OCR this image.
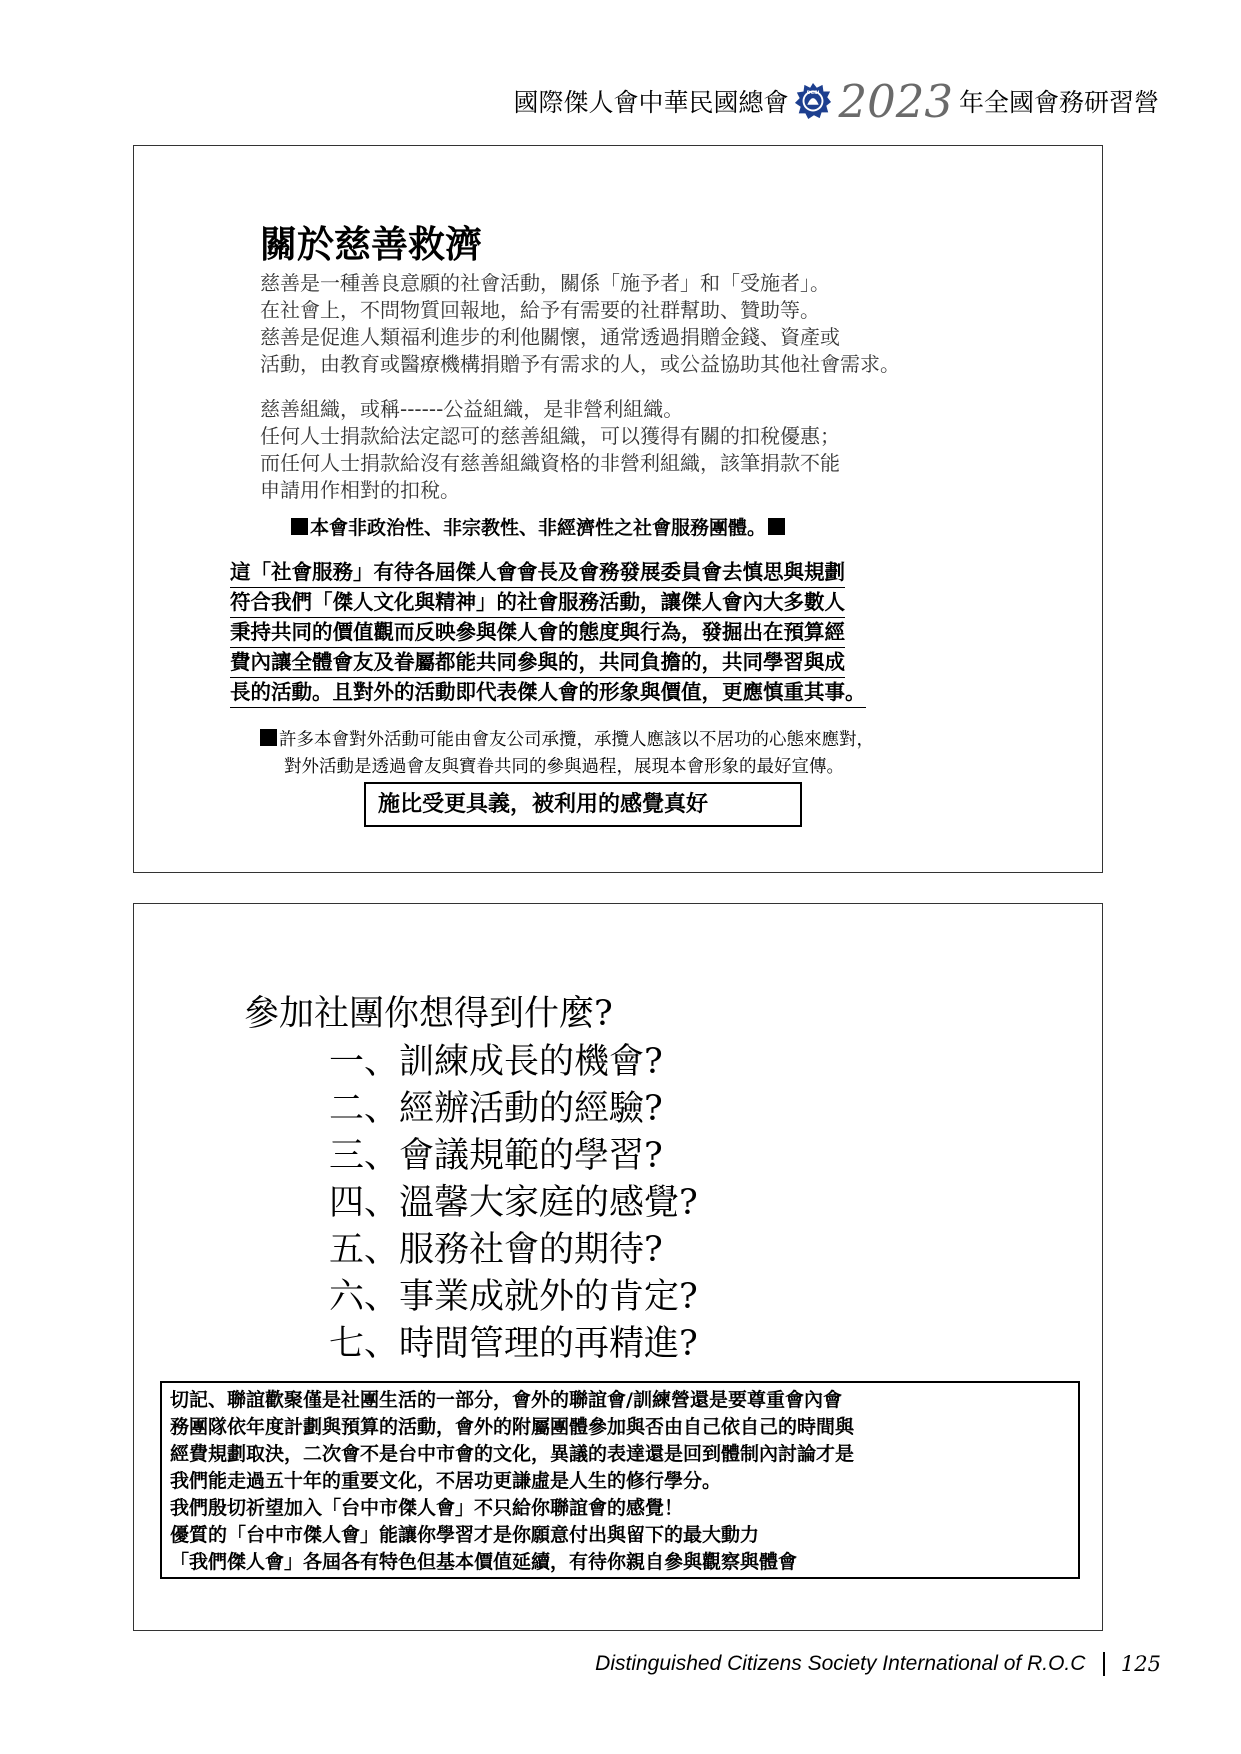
國際傑人會中華民國總會	DCSI 2023 年全國會務研習營
關於慈善救濟
慈善是一種善良意願的社會活動，關係「施予者」和「受施者」。
在社會上，不問物質回報地，給予有需要的社群幫助、贊助等。
慈善是促進人類福利進步的利他關懷，通常透過捐贈金錢、資產或
活動，由教育或醫療機構捐贈予有需求的人，或公益協助其他社會需求。
慈善組織，或稱------公益組織，是非營利組織。
任何人士捐款給法定認可的慈善組織，可以獲得有關的扣稅優惠；
而任何人士捐款給沒有慈善組織資格的非營利組織，該筆捐款不能
申請用作相對的扣稅。
本會非政治性、非宗教性、非經濟性之社會服務團體。
這「社會服務」有待各屆傑人會會長及會務發展委員會去慎思與規劃
符合我們「傑人文化與精神」的社會服務活動，讓傑人會內大多數人
秉持共同的價值觀而反映參與傑人會的態度與行為，發掘出在預算經
費內讓全體會友及眷屬都能共同參與的，共同負擔的，共同學習與成
長的活動。且對外的活動即代表傑人會的形象與價值，更應慎重其事。
許多本會對外活動可能由會友公司承攬，承攬人應該以不居功的心態來應對，
對外活動是透過會友與寶眷共同的參與過程，展現本會形象的最好宣傳。
施比受更具義，被利用的感覺真好
參加社團你想得到什麼?
一、訓練成長的機會?
二、經辦活動的經驗?
三、會議規範的學習?
四、溫馨大家庭的感覺?
五、服務社會的期待?
六、事業成就外的肯定?
七、時間管理的再精進?
切記、聯誼歡聚僅是社團生活的一部分，會外的聯誼會/訓練營還是要尊重會內會
務團隊依年度計劃與預算的活動，會外的附屬團體參加與否由自己依自己的時間與
經費規劃取決，二次會不是台中市會的文化，異議的表達還是回到體制內討論才是
我們能走過五十年的重要文化，不居功更謙虛是人生的修行學分。
我們殷切祈望加入「台中市傑人會」不只給你聯誼會的感覺！
優質的「台中市傑人會」能讓你學習才是你願意付出與留下的最大動力
「我們傑人會」各屆各有特色但基本價值延續，有待你親自參與觀察與體會
Distinguished Citizens Society International of R.O.C 125
